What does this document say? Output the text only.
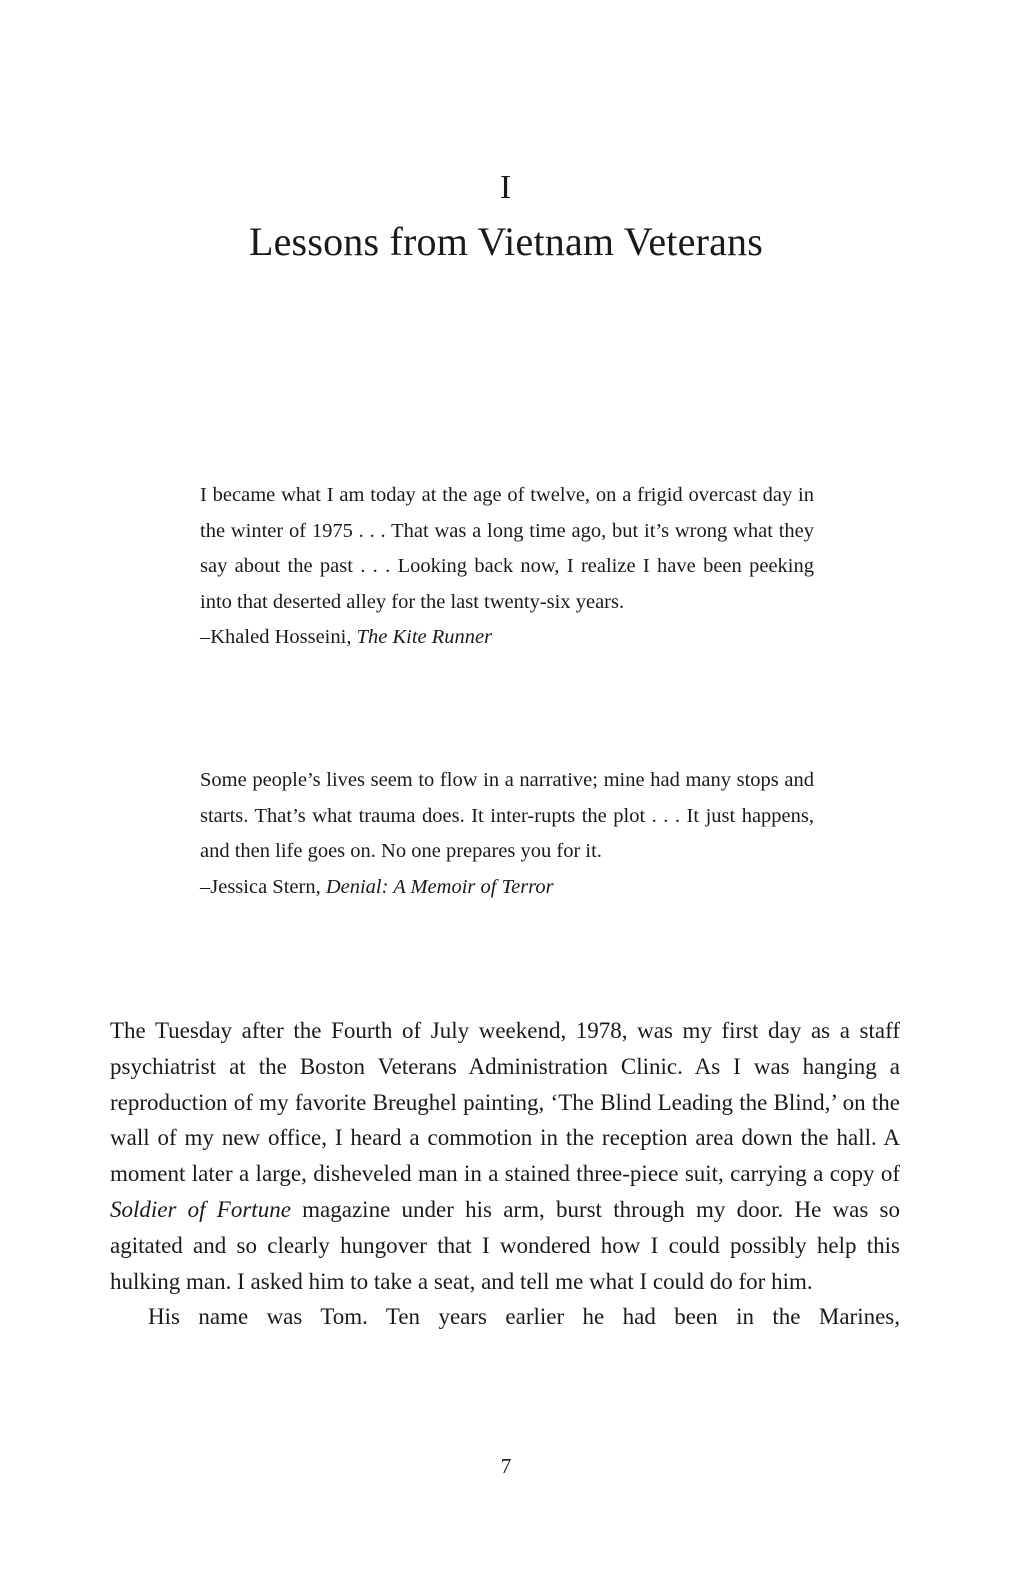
I
Lessons from Vietnam Veterans

I became what I am today at the age of twelve, on a frigid overcast day in the winter of 1975 . . . That was a long time ago, but it’s wrong what they say about the past . . . Looking back now, I realize I have been peeking into that deserted alley for the last twenty-six years.

–Khaled Hosseini, The Kite Runner

Some people’s lives seem to flow in a narrative; mine had many stops and starts. That’s what trauma does. It inter-rupts the plot . . . It just happens, and then life goes on. No one prepares you for it.

–Jessica Stern, Denial: A Memoir of Terror

The Tuesday after the Fourth of July weekend, 1978, was my first day as a staff psychiatrist at the Boston Veterans Administration Clinic. As I was hanging a reproduction of my favorite Breughel painting, ‘The Blind Leading the Blind,’ on the wall of my new office, I heard a commotion in the reception area down the hall. A moment later a large, disheveled man in a stained three-piece suit, carrying a copy of Soldier of Fortune magazine under his arm, burst through my door. He was so agitated and so clearly hungover that I wondered how I could possibly help this hulking man. I asked him to take a seat, and tell me what I could do for him.

His name was Tom. Ten years earlier he had been in the Marines,

7
